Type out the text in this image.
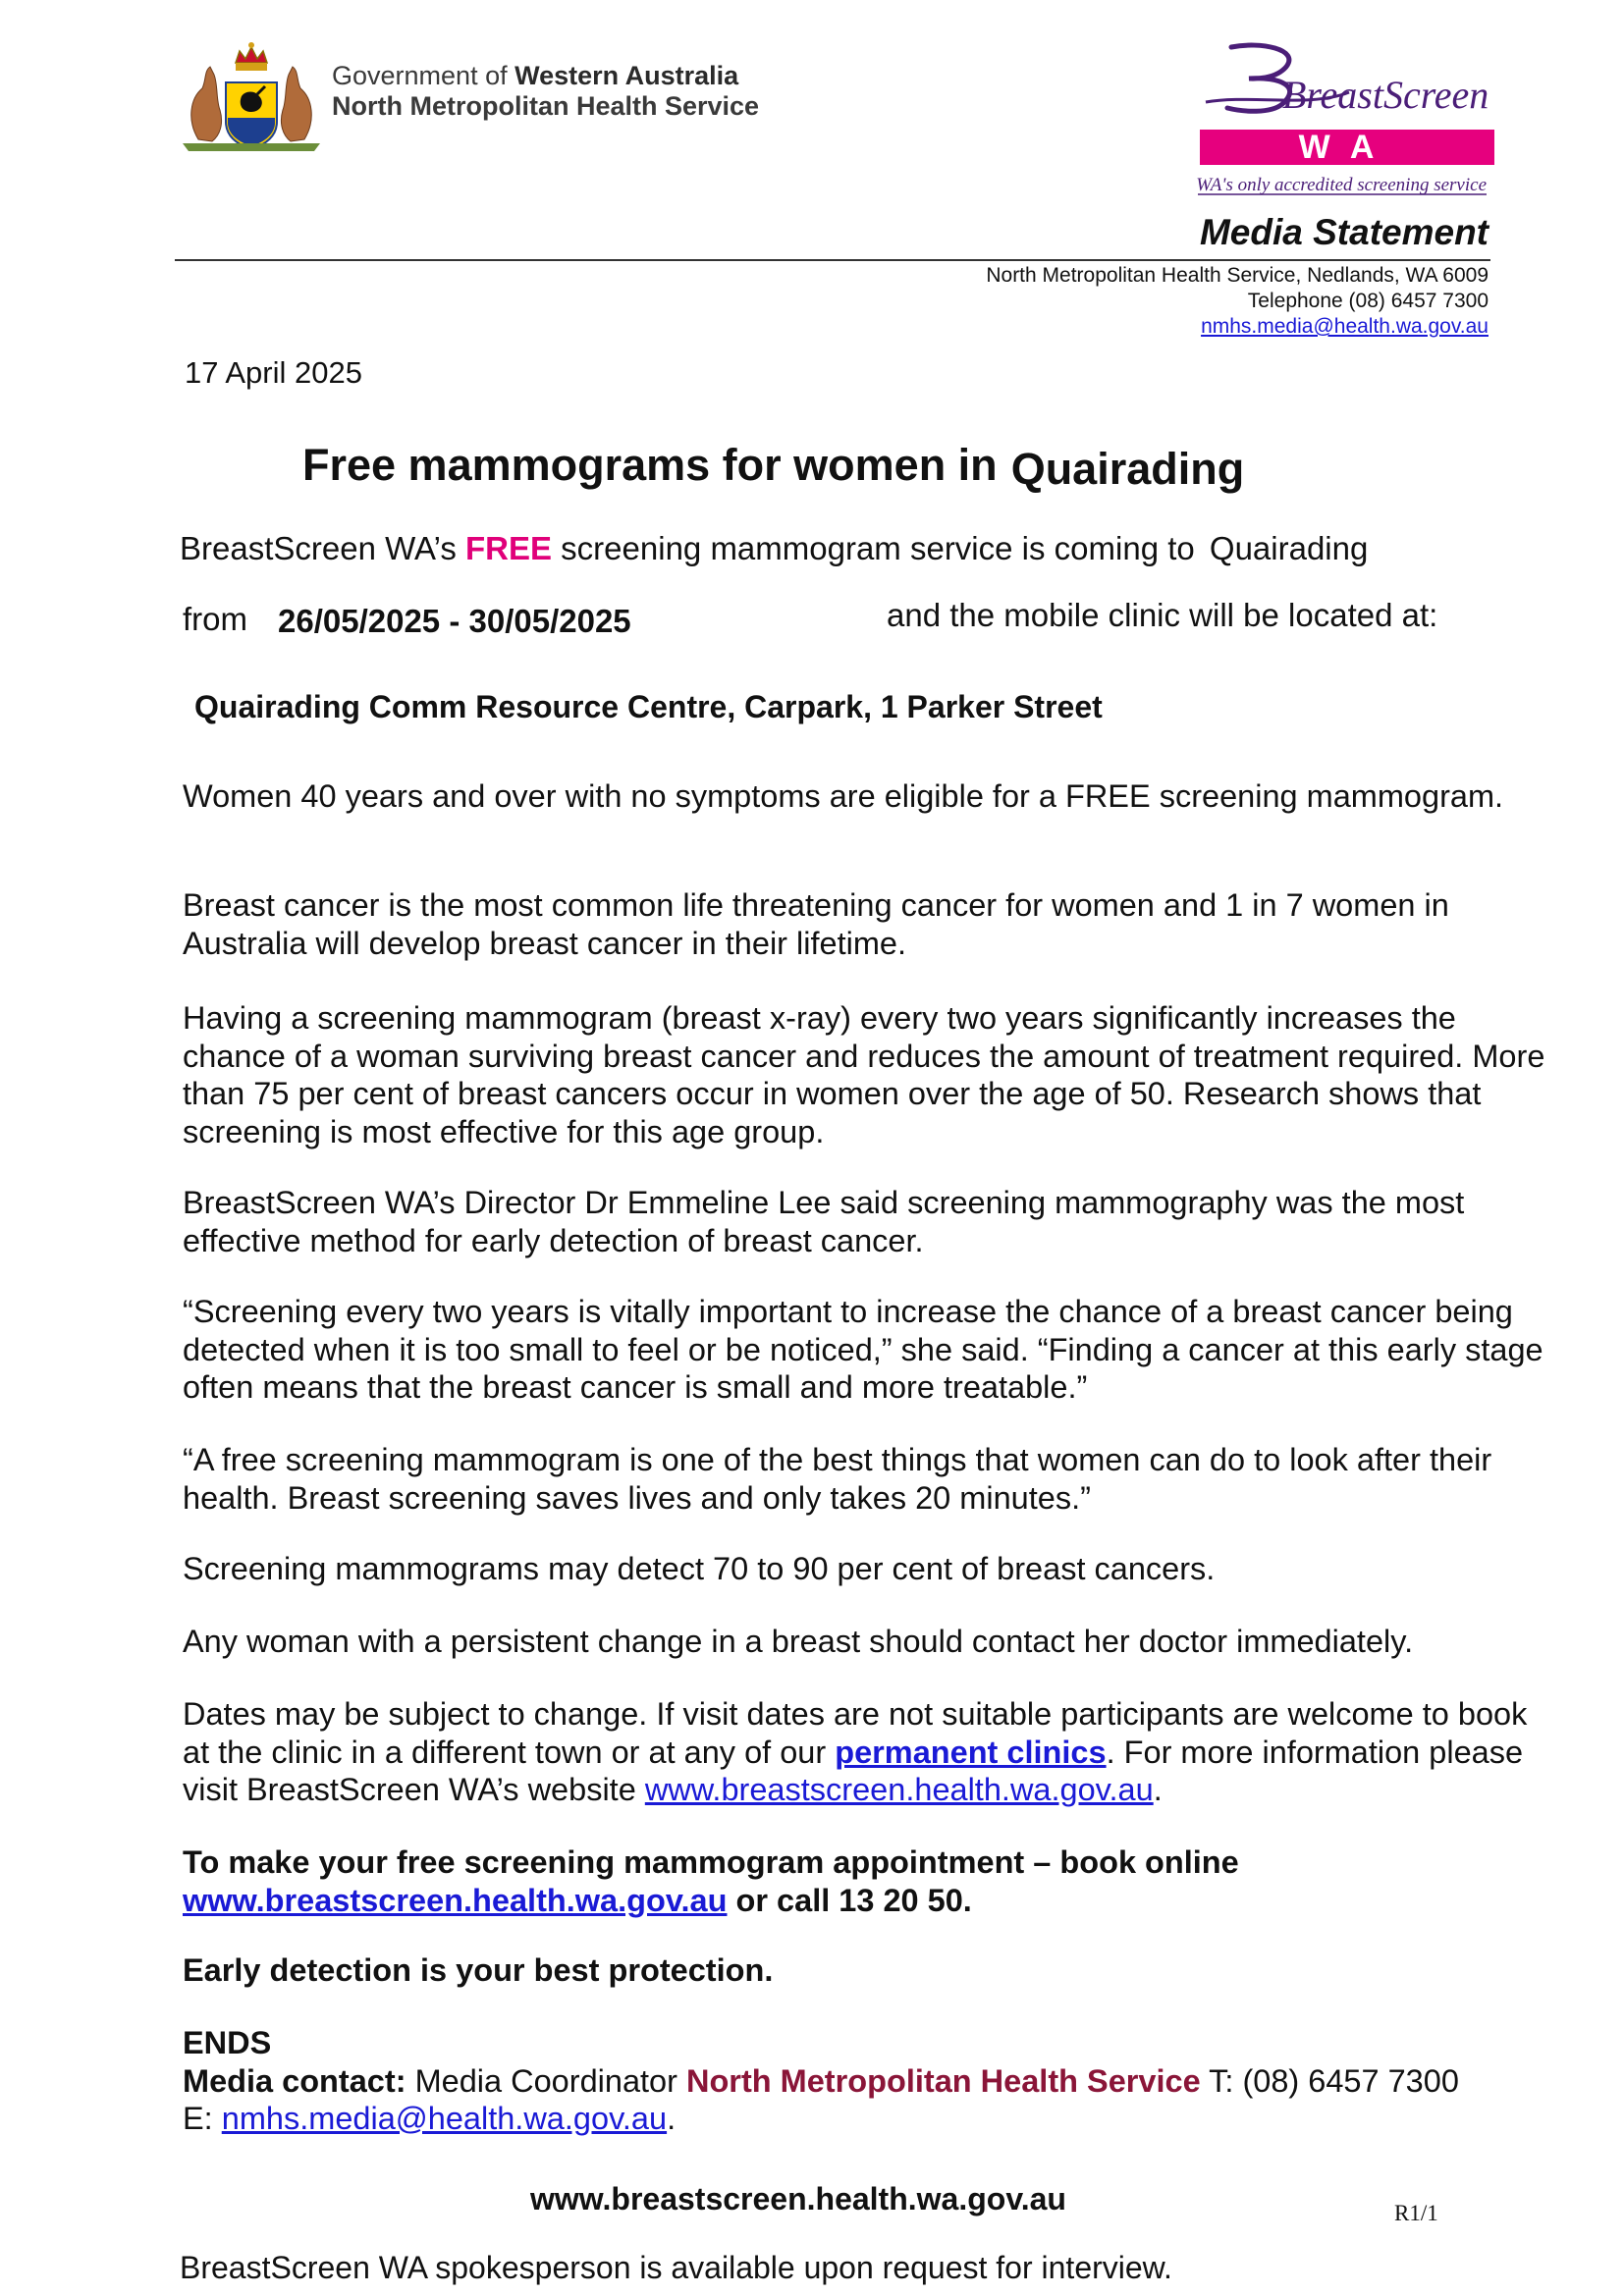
Government of Western Australia
North Metropolitan Health Service	BreastScreen
WA
WA's only accredited screening service
Media Statement
North Metropolitan Health Service, Nedlands, WA 6009
Telephone (08) 6457 7300
nmhs.media@health.wa.gov.au
17 April 2025
Free mammograms for women in Quairading
BreastScreen WA’s FREE screening mammogram service is coming to Quairading
from 26/05/2025 - 30/05/2025	and the mobile clinic will be located at:
Quairading Comm Resource Centre, Carpark, 1 Parker Street
Women 40 years and over with no symptoms are eligible for a FREE screening mammogram.
Breast cancer is the most common life threatening cancer for women and 1 in 7 women in Australia will develop breast cancer in their lifetime.
Having a screening mammogram (breast x-ray) every two years significantly increases the chance of a woman surviving breast cancer and reduces the amount of treatment required. More than 75 per cent of breast cancers occur in women over the age of 50. Research shows that screening is most effective for this age group.
BreastScreen WA’s Director Dr Emmeline Lee said screening mammography was the most effective method for early detection of breast cancer.
“Screening every two years is vitally important to increase the chance of a breast cancer being detected when it is too small to feel or be noticed,” she said. “Finding a cancer at this early stage often means that the breast cancer is small and more treatable.”
“A free screening mammogram is one of the best things that women can do to look after their health. Breast screening saves lives and only takes 20 minutes.”
Screening mammograms may detect 70 to 90 per cent of breast cancers.
Any woman with a persistent change in a breast should contact her doctor immediately.
Dates may be subject to change. If visit dates are not suitable participants are welcome to book at the clinic in a different town or at any of our permanent clinics. For more information please visit BreastScreen WA’s website www.breastscreen.health.wa.gov.au.
To make your free screening mammogram appointment – book online
www.breastscreen.health.wa.gov.au or call 13 20 50.
Early detection is your best protection.
ENDS
Media contact: Media Coordinator North Metropolitan Health Service T: (08) 6457 7300
E: nmhs.media@health.wa.gov.au.
www.breastscreen.health.wa.gov.au	R1/1
BreastScreen WA spokesperson is available upon request for interview.
